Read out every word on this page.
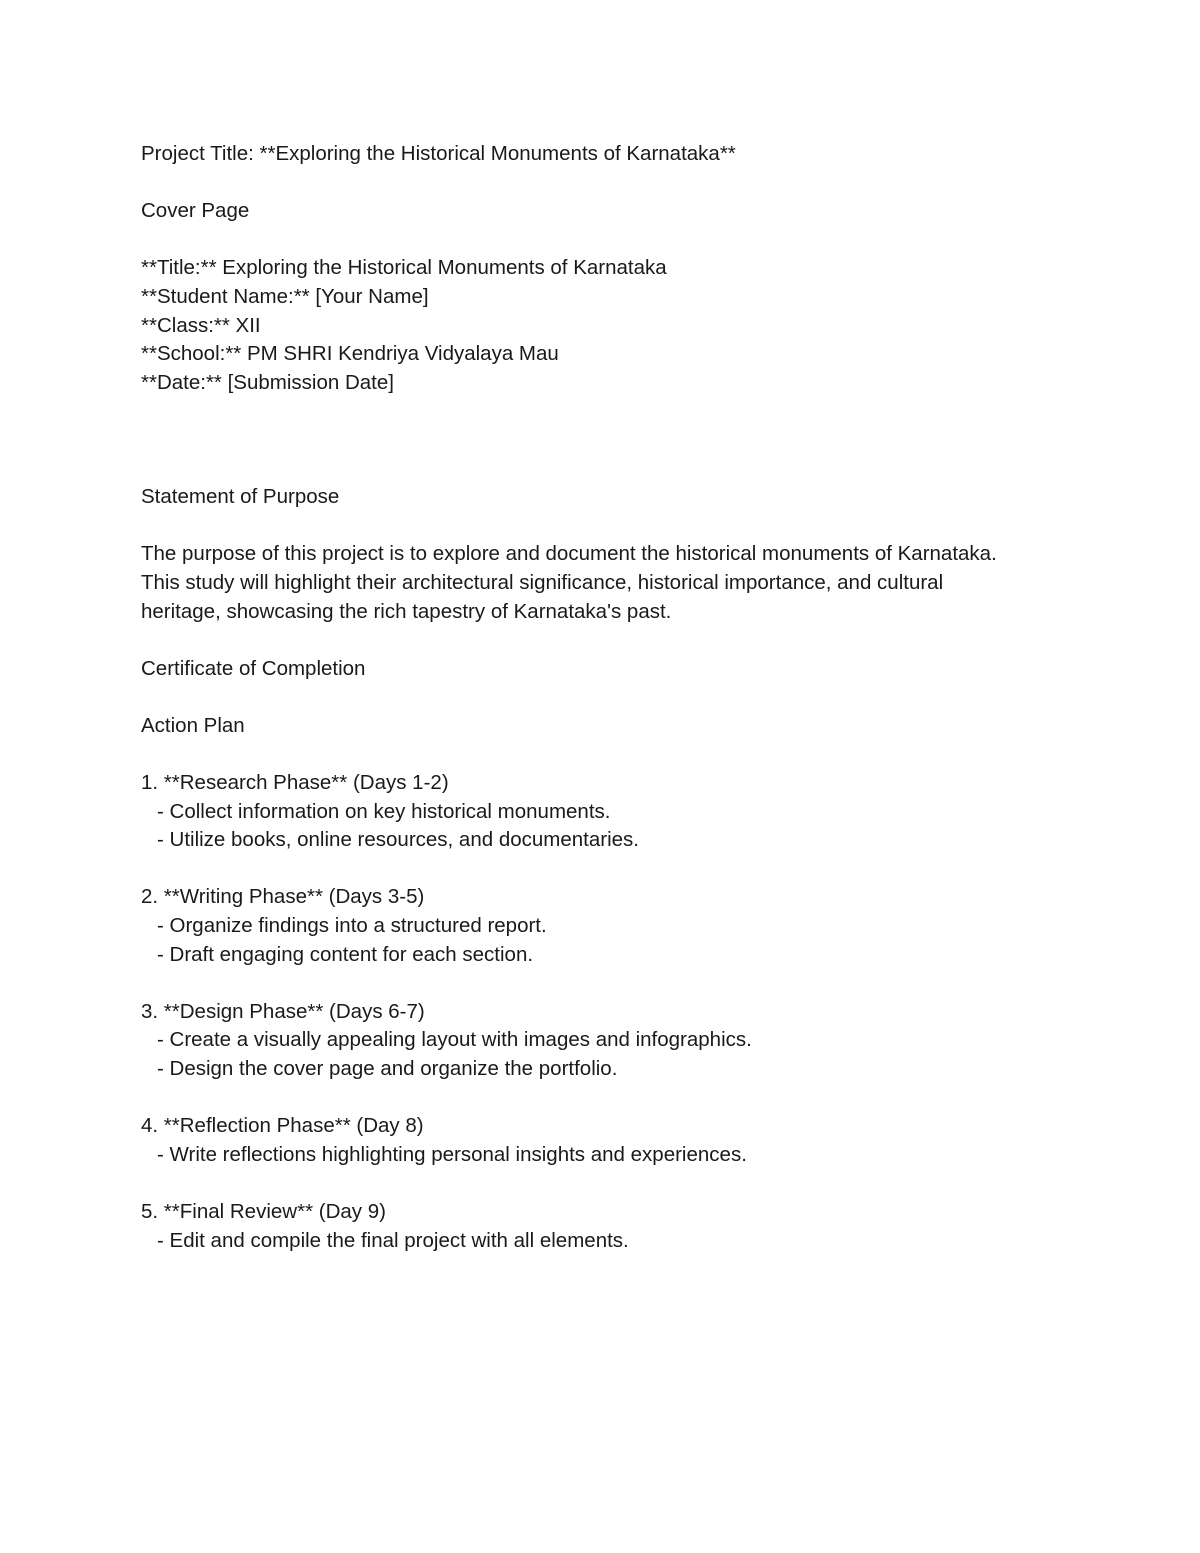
Project Title: **Exploring the Historical Monuments of Karnataka**
Cover Page
**Title:** Exploring the Historical Monuments of Karnataka
**Student Name:** [Your Name]
**Class:** XII
**School:** PM SHRI Kendriya Vidyalaya Mau
**Date:** [Submission Date]
Statement of Purpose
The purpose of this project is to explore and document the historical monuments of Karnataka.
This study will highlight their architectural significance, historical importance, and cultural
heritage, showcasing the rich tapestry of Karnataka's past.
Certificate of Completion
Action Plan
1. **Research Phase** (Days 1-2)
- Collect information on key historical monuments.
- Utilize books, online resources, and documentaries.
2. **Writing Phase** (Days 3-5)
- Organize findings into a structured report.
- Draft engaging content for each section.
3. **Design Phase** (Days 6-7)
- Create a visually appealing layout with images and infographics.
- Design the cover page and organize the portfolio.
4. **Reflection Phase** (Day 8)
- Write reflections highlighting personal insights and experiences.
5. **Final Review** (Day 9)
- Edit and compile the final project with all elements.
